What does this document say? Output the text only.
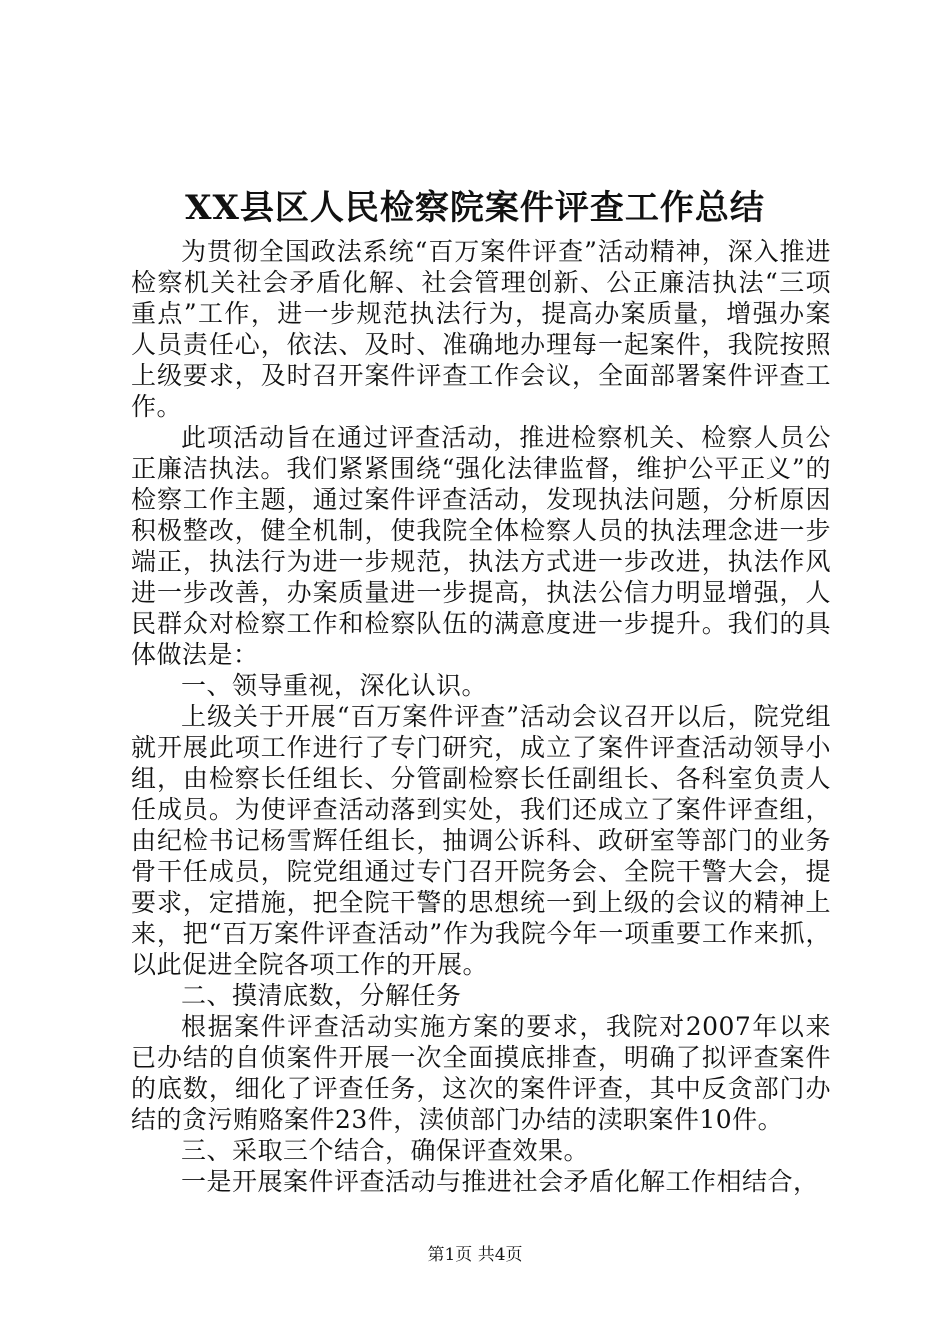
XX县区人民检察院案件评查工作总结

为贯彻全国政法系统“百万案件评查”活动精神，深入推进检察机关社会矛盾化解、社会管理创新、公正廉洁执法“三项重点”工作，进一步规范执法行为，提高办案质量，增强办案人员责任心，依法、及时、准确地办理每一起案件，我院按照上级要求，及时召开案件评查工作会议，全面部署案件评查工作。

此项活动旨在通过评查活动，推进检察机关、检察人员公正廉洁执法。我们紧紧围绕“强化法律监督，维护公平正义”的检察工作主题，通过案件评查活动，发现执法问题，分析原因积极整改，健全机制，使我院全体检察人员的执法理念进一步端正，执法行为进一步规范，执法方式进一步改进，执法作风进一步改善，办案质量进一步提高，执法公信力明显增强，人民群众对检察工作和检察队伍的满意度进一步提升。我们的具体做法是：

一、领导重视，深化认识。

上级关于开展“百万案件评查”活动会议召开以后，院党组就开展此项工作进行了专门研究，成立了案件评查活动领导小组，由检察长任组长、分管副检察长任副组长、各科室负责人任成员。为使评查活动落到实处，我们还成立了案件评查组，由纪检书记杨雪辉任组长，抽调公诉科、政研室等部门的业务骨干任成员，院党组通过专门召开院务会、全院干警大会，提要求，定措施，把全院干警的思想统一到上级的会议的精神上来，把“百万案件评查活动”作为我院今年一项重要工作来抓，以此促进全院各项工作的开展。

二、摸清底数，分解任务

根据案件评查活动实施方案的要求，我院对2007年以来已办结的自侦案件开展一次全面摸底排查，明确了拟评查案件的底数，细化了评查任务，这次的案件评查，其中反贪部门办结的贪污贿赂案件23件，渎侦部门办结的渎职案件10件。

三、采取三个结合，确保评查效果。

一是开展案件评查活动与推进社会矛盾化解工作相结合，

第1页 共4页
